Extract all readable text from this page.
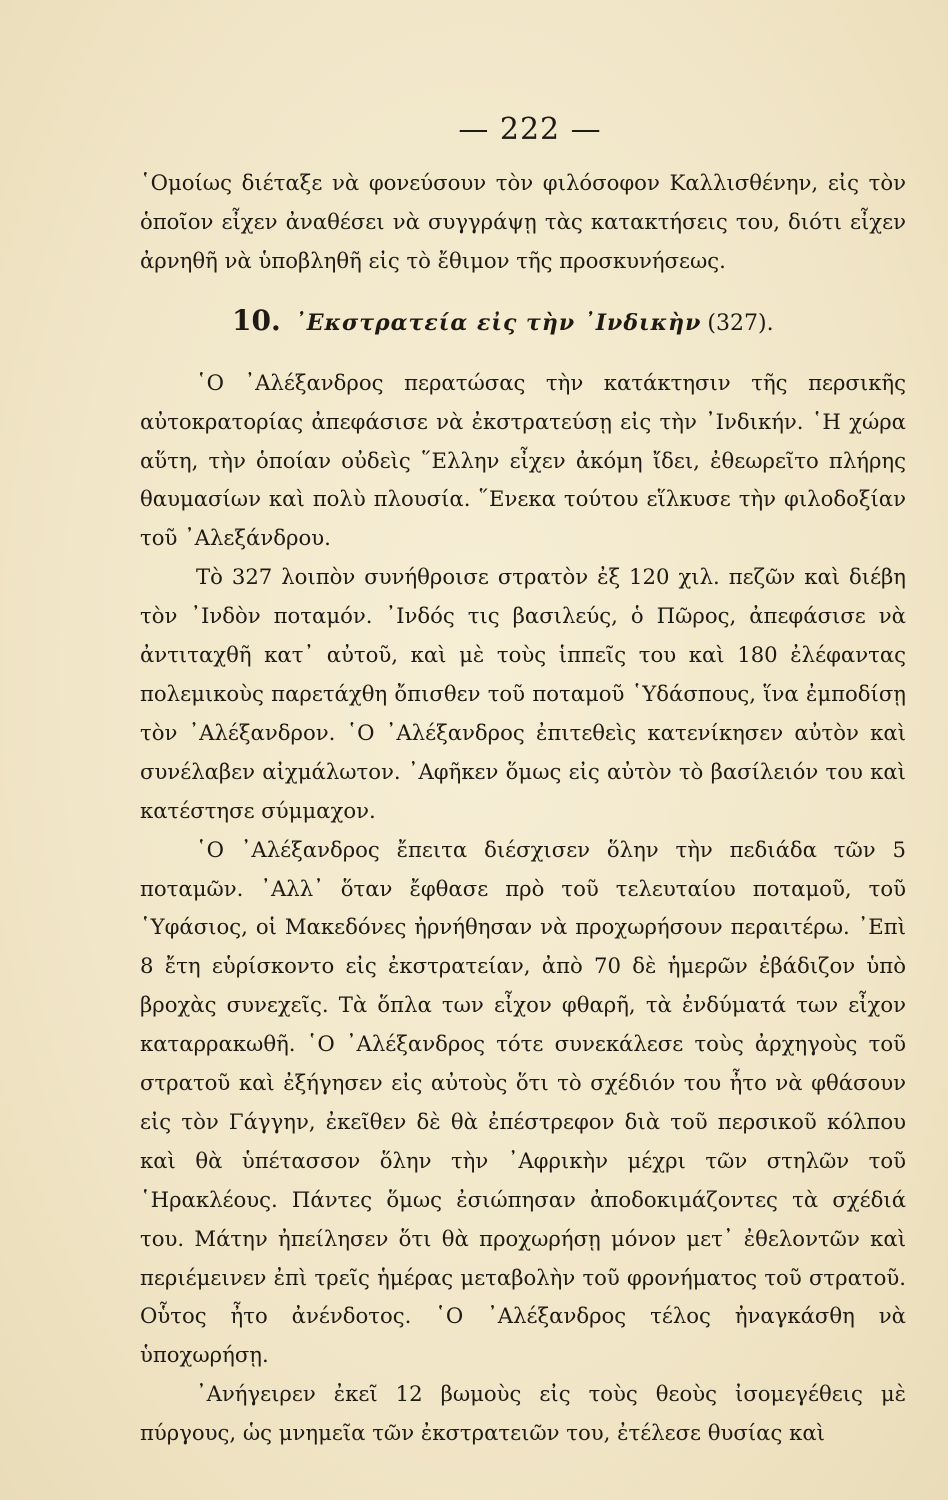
— 222 —

῾Ομοίως διέταξε νὰ φονεύσουν τὸν φιλόσοφον Καλλισθένην, εἰς τὸν ὁποῖον εἶχεν ἀναθέσει νὰ συγγράψῃ τὰς κατακτήσεις του, διότι εἶχεν ἀρνηθῆ νὰ ὑποβληθῆ εἰς τὸ ἔθιμον τῆς προσκυνήσεως.

10. ᾿Εκστρατεία εἰς τὴν ᾿Ινδικὴν (327).

῾Ο ᾿Αλέξανδρος περατώσας τὴν κατάκτησιν τῆς περσικῆς αὐτοκρατορίας ἀπεφάσισε νὰ ἐκστρατεύσῃ εἰς τὴν ᾿Ινδικήν. ῾Η χώρα αὕτη, τὴν ὁποίαν οὐδεὶς ῞Ελλην εἶχεν ἀκόμη ἴδει, ἐθεωρεῖτο πλήρης θαυμασίων καὶ πολὺ πλουσία. ῞Ενεκα τούτου εἵλκυσε τὴν φιλοδοξίαν τοῦ ᾿Αλεξάνδρου.

Τὸ 327 λοιπὸν συνήθροισε στρατὸν ἐξ 120 χιλ. πεζῶν καὶ διέβη τὸν ᾿Ινδὸν ποταμόν. ᾿Ινδός τις βασιλεύς, ὁ Πῶρος, ἀπεφάσισε νὰ ἀντιταχθῆ κατ᾽ αὐτοῦ, καὶ μὲ τοὺς ἱππεῖς του καὶ 180 ἐλέφαντας πολεμικοὺς παρετάχθη ὄπισθεν τοῦ ποταμοῦ ῾Υδάσπους, ἵνα ἐμποδίσῃ τὸν ᾿Αλέξανδρον. ῾Ο ᾿Αλέξανδρος ἐπιτεθεὶς κατενίκησεν αὐτὸν καὶ συνέλαβεν αἰχμάλωτον. ᾿Αφῆκεν ὅμως εἰς αὐτὸν τὸ βασίλειόν του καὶ κατέστησε σύμμαχον.

῾Ο ᾿Αλέξανδρος ἔπειτα διέσχισεν ὅλην τὴν πεδιάδα τῶν 5 ποταμῶν. ᾿Αλλ᾽ ὅταν ἔφθασε πρὸ τοῦ τελευταίου ποταμοῦ, τοῦ ῾Υφάσιος, οἱ Μακεδόνες ἠρνήθησαν νὰ προχωρήσουν περαιτέρω. ᾿Επὶ 8 ἔτη εὑρίσκοντο εἰς ἐκστρατείαν, ἀπὸ 70 δὲ ἡμερῶν ἐβάδιζον ὑπὸ βροχὰς συνεχεῖς. Τὰ ὅπλα των εἶχον φθαρῆ, τὰ ἐνδύματά των εἶχον καταρρακωθῆ. ῾Ο ᾿Αλέξανδρος τότε συνεκάλεσε τοὺς ἀρχηγοὺς τοῦ στρατοῦ καὶ ἐξήγησεν εἰς αὐτοὺς ὅτι τὸ σχέδιόν του ἦτο νὰ φθάσουν εἰς τὸν Γάγγην, ἐκεῖθεν δὲ θὰ ἐπέστρεφον διὰ τοῦ περσικοῦ κόλπου καὶ θὰ ὑπέτασσον ὅλην τὴν ᾿Αφρικὴν μέχρι τῶν στηλῶν τοῦ ῾Ηρακλέους. Πάντες ὅμως ἐσιώπησαν ἀποδοκιμάζοντες τὰ σχέδιά του. Μάτην ἠπείλησεν ὅτι θὰ προχωρήσῃ μόνον μετ᾽ ἐθελοντῶν καὶ περιέμεινεν ἐπὶ τρεῖς ἡμέρας μεταβολὴν τοῦ φρονήματος τοῦ στρατοῦ. Οὗτος ἦτο ἀνένδοτος. ῾Ο ᾿Αλέξανδρος τέλος ἠναγκάσθη νὰ ὑποχωρήσῃ.

᾿Ανήγειρεν ἐκεῖ 12 βωμοὺς εἰς τοὺς θεοὺς ἰσομεγέθεις μὲ πύργους, ὡς μνημεῖα τῶν ἐκστρατειῶν του, ἐτέλεσε θυσίας καὶ
